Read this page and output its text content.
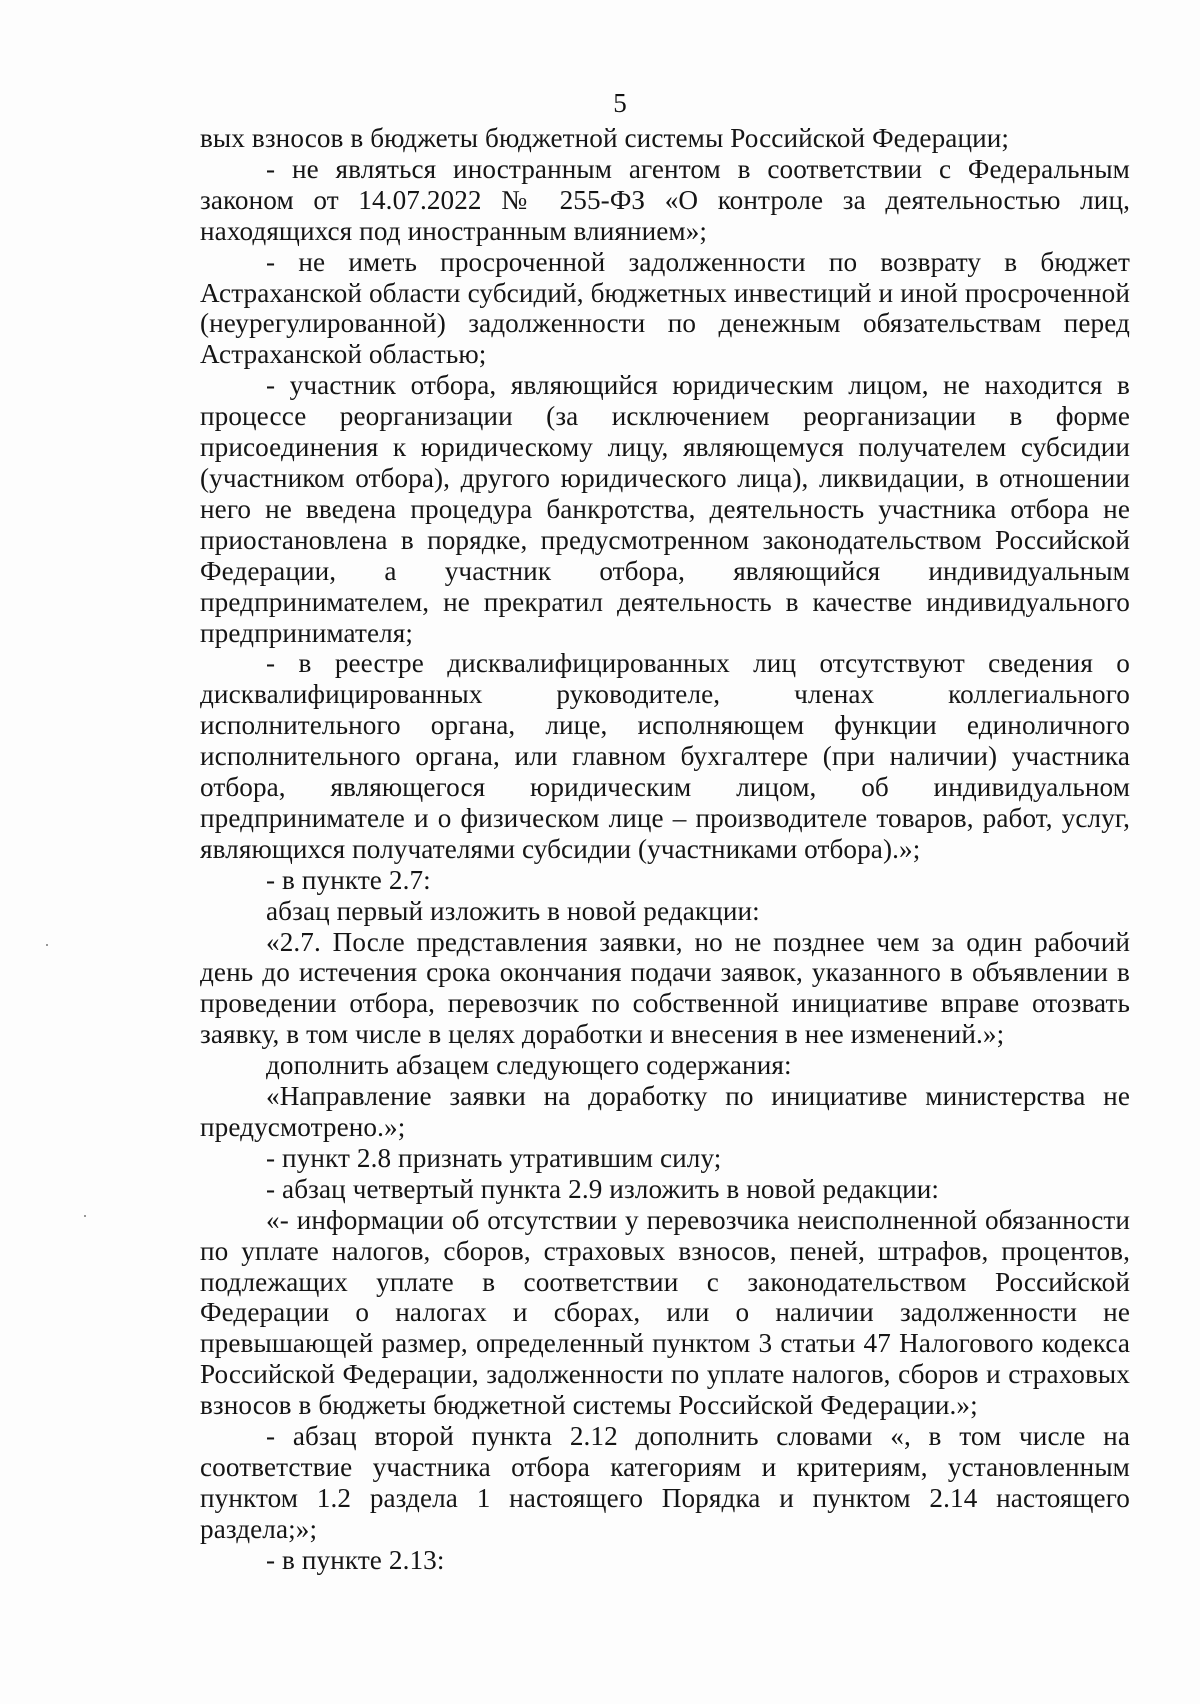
5

вых взносов в бюджеты бюджетной системы Российской Федерации;

- не являться иностранным агентом в соответствии с Федеральным законом от 14.07.2022 № 255-ФЗ «О контроле за деятельностью лиц, находящихся под иностранным влиянием»;

- не иметь просроченной задолженности по возврату в бюджет Астраханской области субсидий, бюджетных инвестиций и иной просроченной (неурегулированной) задолженности по денежным обязательствам перед Астраханской областью;

- участник отбора, являющийся юридическим лицом, не находится в процессе реорганизации (за исключением реорганизации в форме присоединения к юридическому лицу, являющемуся получателем субсидии (участником отбора), другого юридического лица), ликвидации, в отношении него не введена процедура банкротства, деятельность участника отбора не приостановлена в порядке, предусмотренном законодательством Российской Федерации, а участник отбора, являющийся индивидуальным предпринимателем, не прекратил деятельность в качестве индивидуального предпринимателя;

- в реестре дисквалифицированных лиц отсутствуют сведения о дисквалифицированных руководителе, членах коллегиального исполнительного органа, лице, исполняющем функции единоличного исполнительного органа, или главном бухгалтере (при наличии) участника отбора, являющегося юридическим лицом, об индивидуальном предпринимателе и о физическом лице – производителе товаров, работ, услуг, являющихся получателями субсидии (участниками отбора).»;

- в пункте 2.7:

абзац первый изложить в новой редакции:

«2.7. После представления заявки, но не позднее чем за один рабочий день до истечения срока окончания подачи заявок, указанного в объявлении в проведении отбора, перевозчик по собственной инициативе вправе отозвать заявку, в том числе в целях доработки и внесения в нее изменений.»;

дополнить абзацем следующего содержания:

«Направление заявки на доработку по инициативе министерства не предусмотрено.»;

- пункт 2.8 признать утратившим силу;

- абзац четвертый пункта 2.9 изложить в новой редакции:

«- информации об отсутствии у перевозчика неисполненной обязанности по уплате налогов, сборов, страховых взносов, пеней, штрафов, процентов, подлежащих уплате в соответствии с законодательством Российской Федерации о налогах и сборах, или о наличии задолженности не превышающей размер, определенный пунктом 3 статьи 47 Налогового кодекса Российской Федерации, задолженности по уплате налогов, сборов и страховых взносов в бюджеты бюджетной системы Российской Федерации.»;

- абзац второй пункта 2.12 дополнить словами «, в том числе на соответствие участника отбора категориям и критериям, установленным пунктом 1.2 раздела 1 настоящего Порядка и пунктом 2.14 настоящего раздела;»;

- в пункте 2.13:
